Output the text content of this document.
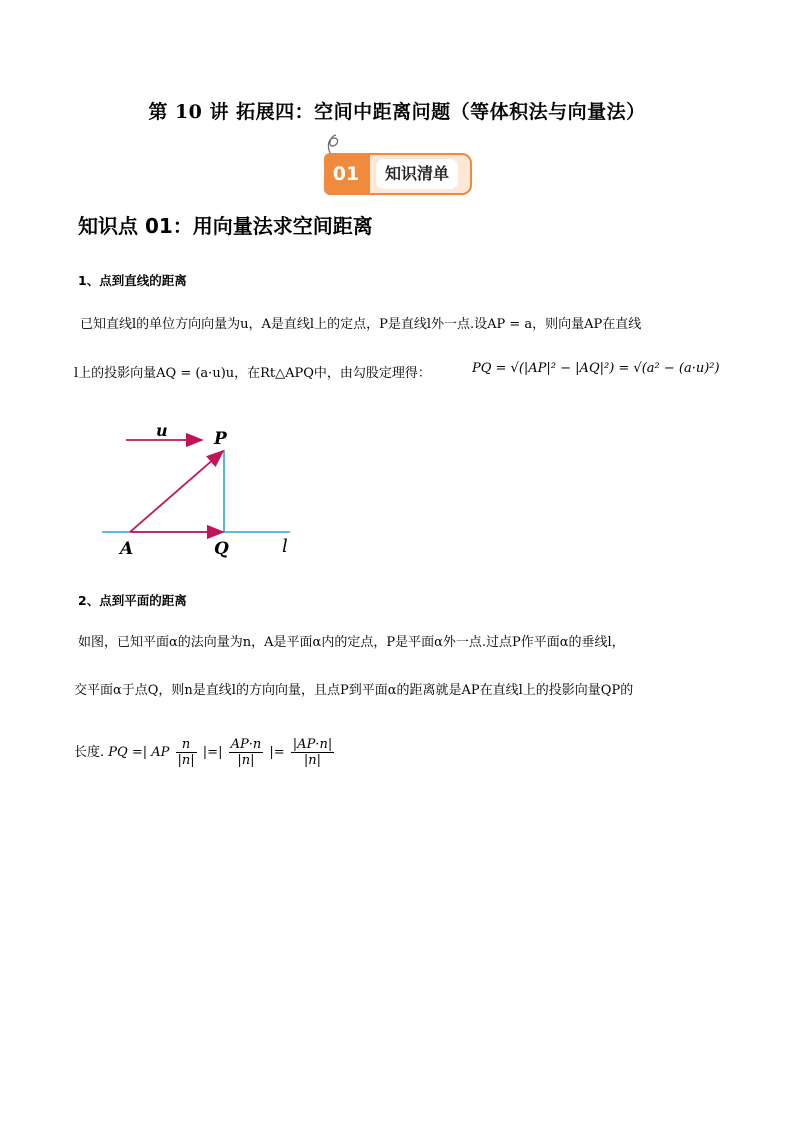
第 10 讲 拓展四：空间中距离问题（等体积法与向量法）
01	知识清单
知识点 01：用向量法求空间距离
1、点到直线的距离
已知直线l的单位方向向量为u，A是直线l上的定点，P是直线l外一点.设AP = a，则向量AP在直线
l上的投影向量AQ = (a·u)u，在Rt△APQ中，由勾股定理得：	PQ = √(|AP|² − |AQ|²) = √(a² − (a·u)²)
u	P
A	Q	l
2、点到平面的距离
如图，已知平面α的法向量为n，A是平面α内的定点，P是平面α外一点.过点P作平面α的垂线l，
交平面α于点Q，则n是直线l的方向向量，且点P到平面α的距离就是AP在直线l上的投影向量QP的
长度. PQ =| AP $\frac{n}{|n|}$ |=| $\frac{AP\cdot n}{|n|}$ |= $\frac{|AP\cdot n|}{|n|}$
